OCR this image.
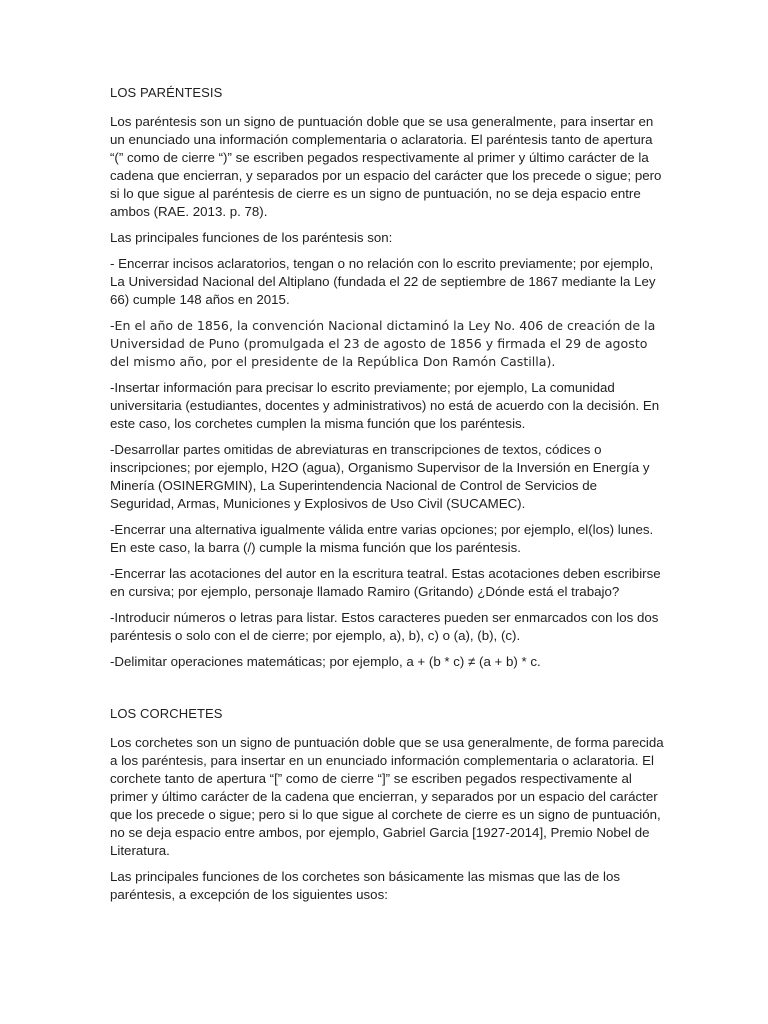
LOS PARÉNTESIS

Los paréntesis son un signo de puntuación doble que se usa generalmente, para insertar en un enunciado una información complementaria o aclaratoria. El paréntesis tanto de apertura “(” como de cierre “)” se escriben pegados respectivamente al primer y último carácter de la cadena que encierran, y separados por un espacio del carácter que los precede o sigue; pero si lo que sigue al paréntesis de cierre es un signo de puntuación, no se deja espacio entre ambos (RAE. 2013. p. 78).

Las principales funciones de los paréntesis son:

- Encerrar incisos aclaratorios, tengan o no relación con lo escrito previamente; por ejemplo, La Universidad Nacional del Altiplano (fundada el 22 de septiembre de 1867 mediante la Ley 66) cumple 148 años en 2015.

-En el año de 1856, la convención Nacional dictaminó la Ley No. 406 de creación de la Universidad de Puno (promulgada el 23 de agosto de 1856 y firmada el 29 de agosto del mismo año, por el presidente de la República Don Ramón Castilla).

-Insertar información para precisar lo escrito previamente; por ejemplo, La comunidad universitaria (estudiantes, docentes y administrativos) no está de acuerdo con la decisión. En este caso, los corchetes cumplen la misma función que los paréntesis.

-Desarrollar partes omitidas de abreviaturas en transcripciones de textos, códices o inscripciones; por ejemplo, H2O (agua), Organismo Supervisor de la Inversión en Energía y Minería (OSINERGMIN), La Superintendencia Nacional de Control de Servicios de Seguridad, Armas, Municiones y Explosivos de Uso Civil (SUCAMEC).

-Encerrar una alternativa igualmente válida entre varias opciones; por ejemplo, el(los) lunes. En este caso, la barra (/) cumple la misma función que los paréntesis.

-Encerrar las acotaciones del autor en la escritura teatral. Estas acotaciones deben escribirse en cursiva; por ejemplo, personaje llamado Ramiro (Gritando) ¿Dónde está el trabajo?

-Introducir números o letras para listar. Estos caracteres pueden ser enmarcados con los dos paréntesis o solo con el de cierre; por ejemplo, a), b), c) o (a), (b), (c).

-Delimitar operaciones matemáticas; por ejemplo, a + (b * c) ≠ (a + b) * c.

LOS CORCHETES

Los corchetes son un signo de puntuación doble que se usa generalmente, de forma parecida a los paréntesis, para insertar en un enunciado información complementaria o aclaratoria. El corchete tanto de apertura “[” como de cierre “]” se escriben pegados respectivamente al primer y último carácter de la cadena que encierran, y separados por un espacio del carácter que los precede o sigue; pero si lo que sigue al corchete de cierre es un signo de puntuación, no se deja espacio entre ambos, por ejemplo, Gabriel Garcia [1927-2014], Premio Nobel de Literatura.

Las principales funciones de los corchetes son básicamente las mismas que las de los paréntesis, a excepción de los siguientes usos:
